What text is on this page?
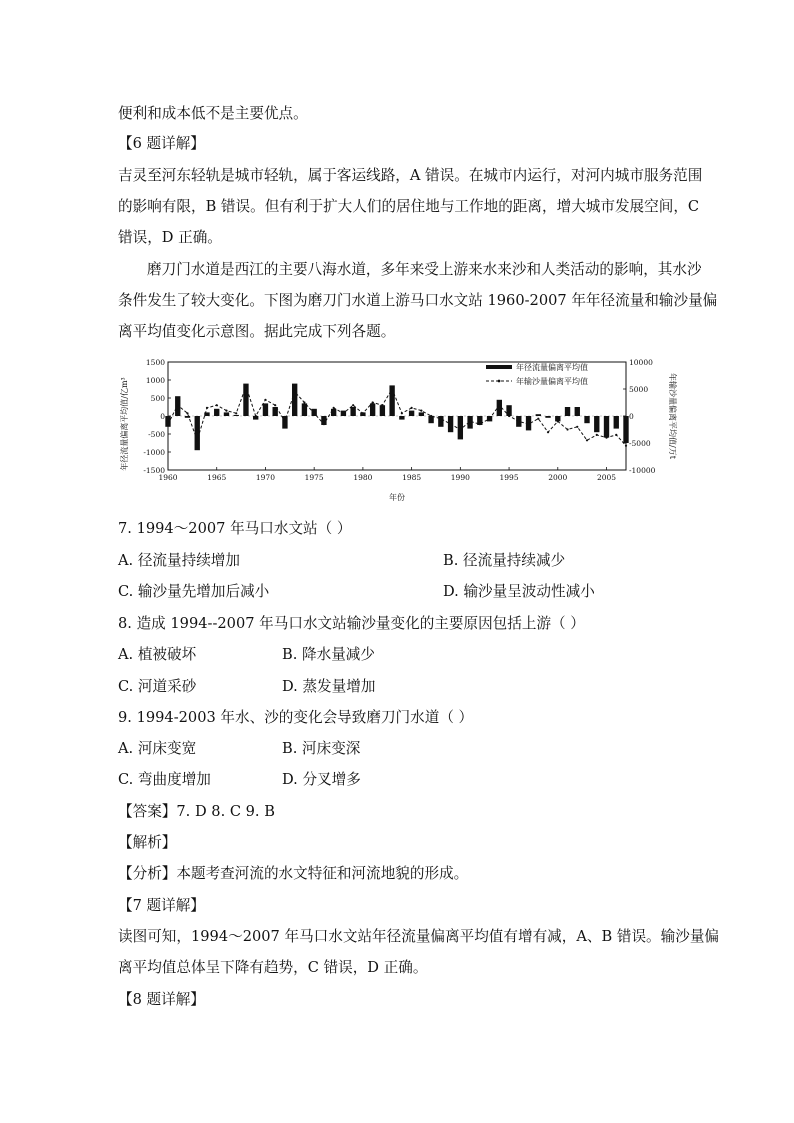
便利和成本低不是主要优点。
【6 题详解】
吉灵至河东轻轨是城市轻轨，属于客运线路，A 错误。在城市内运行，对河内城市服务范围
的影响有限，B 错误。但有利于扩大人们的居住地与工作地的距离，增大城市发展空间，C
错误，D 正确。
磨刀门水道是西江的主要八海水道，多年来受上游来水来沙和人类活动的影响，其水沙
条件发生了较大变化。下图为磨刀门水道上游马口水文站 1960-2007 年年径流量和输沙量偏
离平均值变化示意图。据此完成下列各题。
年径流量偏离平均值/亿m³	年输沙量偏离平均值/万t
年份
年径流量偏离平均值
年输沙量偏离平均值
1500
1000
500
0
-500
-1000
-1500
10000
5000
0
-5000
-10000
1960	1965	1970	1975	1980	1985	1990	1995	2000	2005
7. 1994～2007 年马口水文站（ ）
A. 径流量持续增加	B. 径流量持续减少
C. 输沙量先增加后减小	D. 输沙量呈波动性减小
8. 造成 1994--2007 年马口水文站输沙量变化的主要原因包括上游（ ）
A. 植被破坏	B. 降水量减少
C. 河道采砂	D. 蒸发量增加
9. 1994-2003 年水、沙的变化会导致磨刀门水道（ ）
A. 河床变宽	B. 河床变深
C. 弯曲度增加	D. 分叉增多
【答案】7. D 8. C 9. B
【解析】
【分析】本题考查河流的水文特征和河流地貌的形成。
【7 题详解】
读图可知，1994～2007 年马口水文站年径流量偏离平均值有增有减，A、B 错误。输沙量偏
离平均值总体呈下降有趋势，C 错误，D 正确。
【8 题详解】
